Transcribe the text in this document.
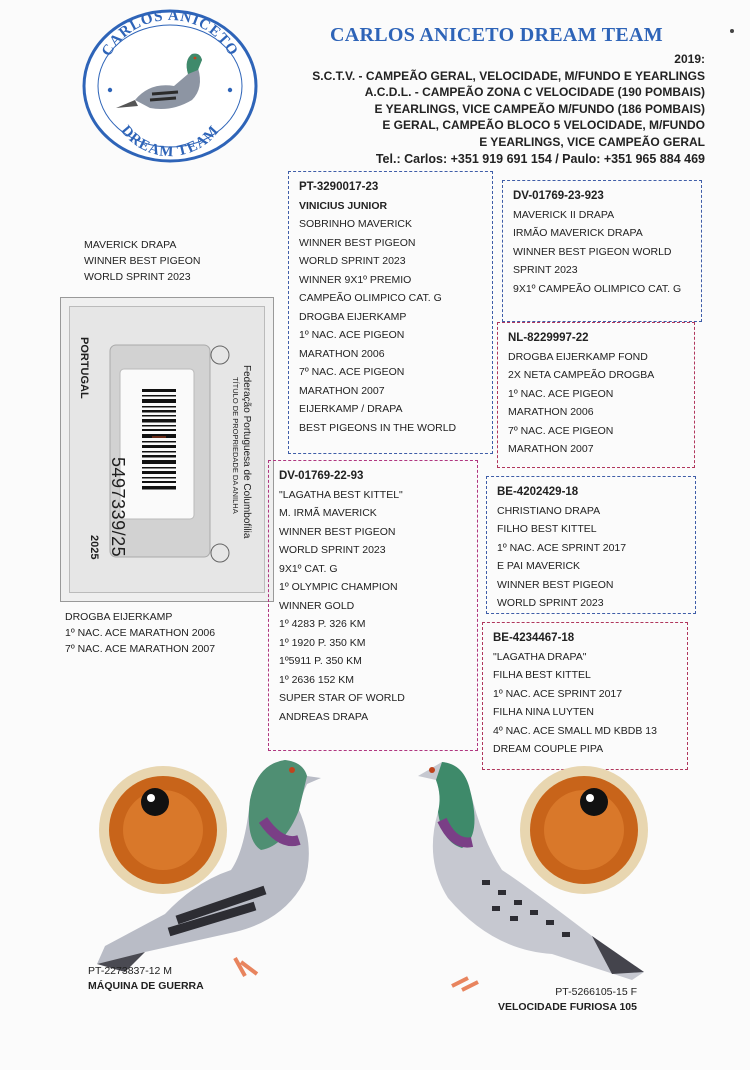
CARLOS ANICETO
DREAM TEAM
CARLOS ANICETO DREAM TEAM
2019:
S.C.T.V. - CAMPEÃO GERAL, VELOCIDADE, M/FUNDO E YEARLINGS
A.C.D.L. - CAMPEÃO ZONA C VELOCIDADE (190 POMBAIS)
E YEARLINGS, VICE CAMPEÃO M/FUNDO (186 POMBAIS)
E GERAL, CAMPEÃO BLOCO 5 VELOCIDADE, M/FUNDO
E YEARLINGS, VICE CAMPEÃO GERAL
Tel.: Carlos: +351 919 691 154 / Paulo: +351 965 884 469
MAVERICK DRAPA
WINNER BEST PIGEON
WORLD SPRINT 2023
5497339/25
PORTUGAL	Federação Portuguesa de Columbofilia
TÍTULO DE PROPRIEDADE DA ANILHA
2025
DROGBA EIJERKAMP
1º NAC. ACE MARATHON 2006
7º NAC. ACE MARATHON 2007
PT-3290017-23
VINICIUS JUNIOR
SOBRINHO MAVERICK
WINNER BEST PIGEON
WORLD SPRINT 2023
WINNER 9X1º PREMIO
CAMPEÃO OLIMPICO CAT. G
DROGBA EIJERKAMP
1º NAC. ACE PIGEON
MARATHON 2006
7º NAC. ACE PIGEON
MARATHON 2007
EIJERKAMP / DRAPA
BEST PIGEONS IN THE WORLD
DV-01769-23-923
MAVERICK II DRAPA
IRMÃO MAVERICK DRAPA
WINNER BEST PIGEON WORLD
SPRINT 2023
9X1º CAMPEÃO OLIMPICO CAT. G
NL-8229997-22
DROGBA EIJERKAMP FOND
2X NETA CAMPEÃO DROGBA
1º NAC. ACE PIGEON
MARATHON 2006
7º NAC. ACE PIGEON
MARATHON 2007
DV-01769-22-93
"LAGATHA BEST KITTEL"
M. IRMÃ MAVERICK
WINNER BEST PIGEON
WORLD SPRINT 2023
9X1º CAT. G
1º OLYMPIC CHAMPION
WINNER GOLD
1º 4283 P. 326 KM
1º 1920 P. 350 KM
1º5911 P. 350 KM
1º 2636 152 KM
SUPER STAR OF WORLD
ANDREAS DRAPA
BE-4202429-18
CHRISTIANO DRAPA
FILHO BEST KITTEL
1º NAC. ACE SPRINT 2017
E PAI MAVERICK
WINNER BEST PIGEON
WORLD SPRINT 2023
BE-4234467-18
"LAGATHA DRAPA"
FILHA BEST KITTEL
1º NAC. ACE SPRINT 2017
FILHA NINA LUYTEN
4º NAC. ACE SMALL MD KBDB 13
DREAM COUPLE PIPA
PT-2273837-12 M
MÁQUINA DE GUERRA	PT-5266105-15 F
VELOCIDADE FURIOSA 105
